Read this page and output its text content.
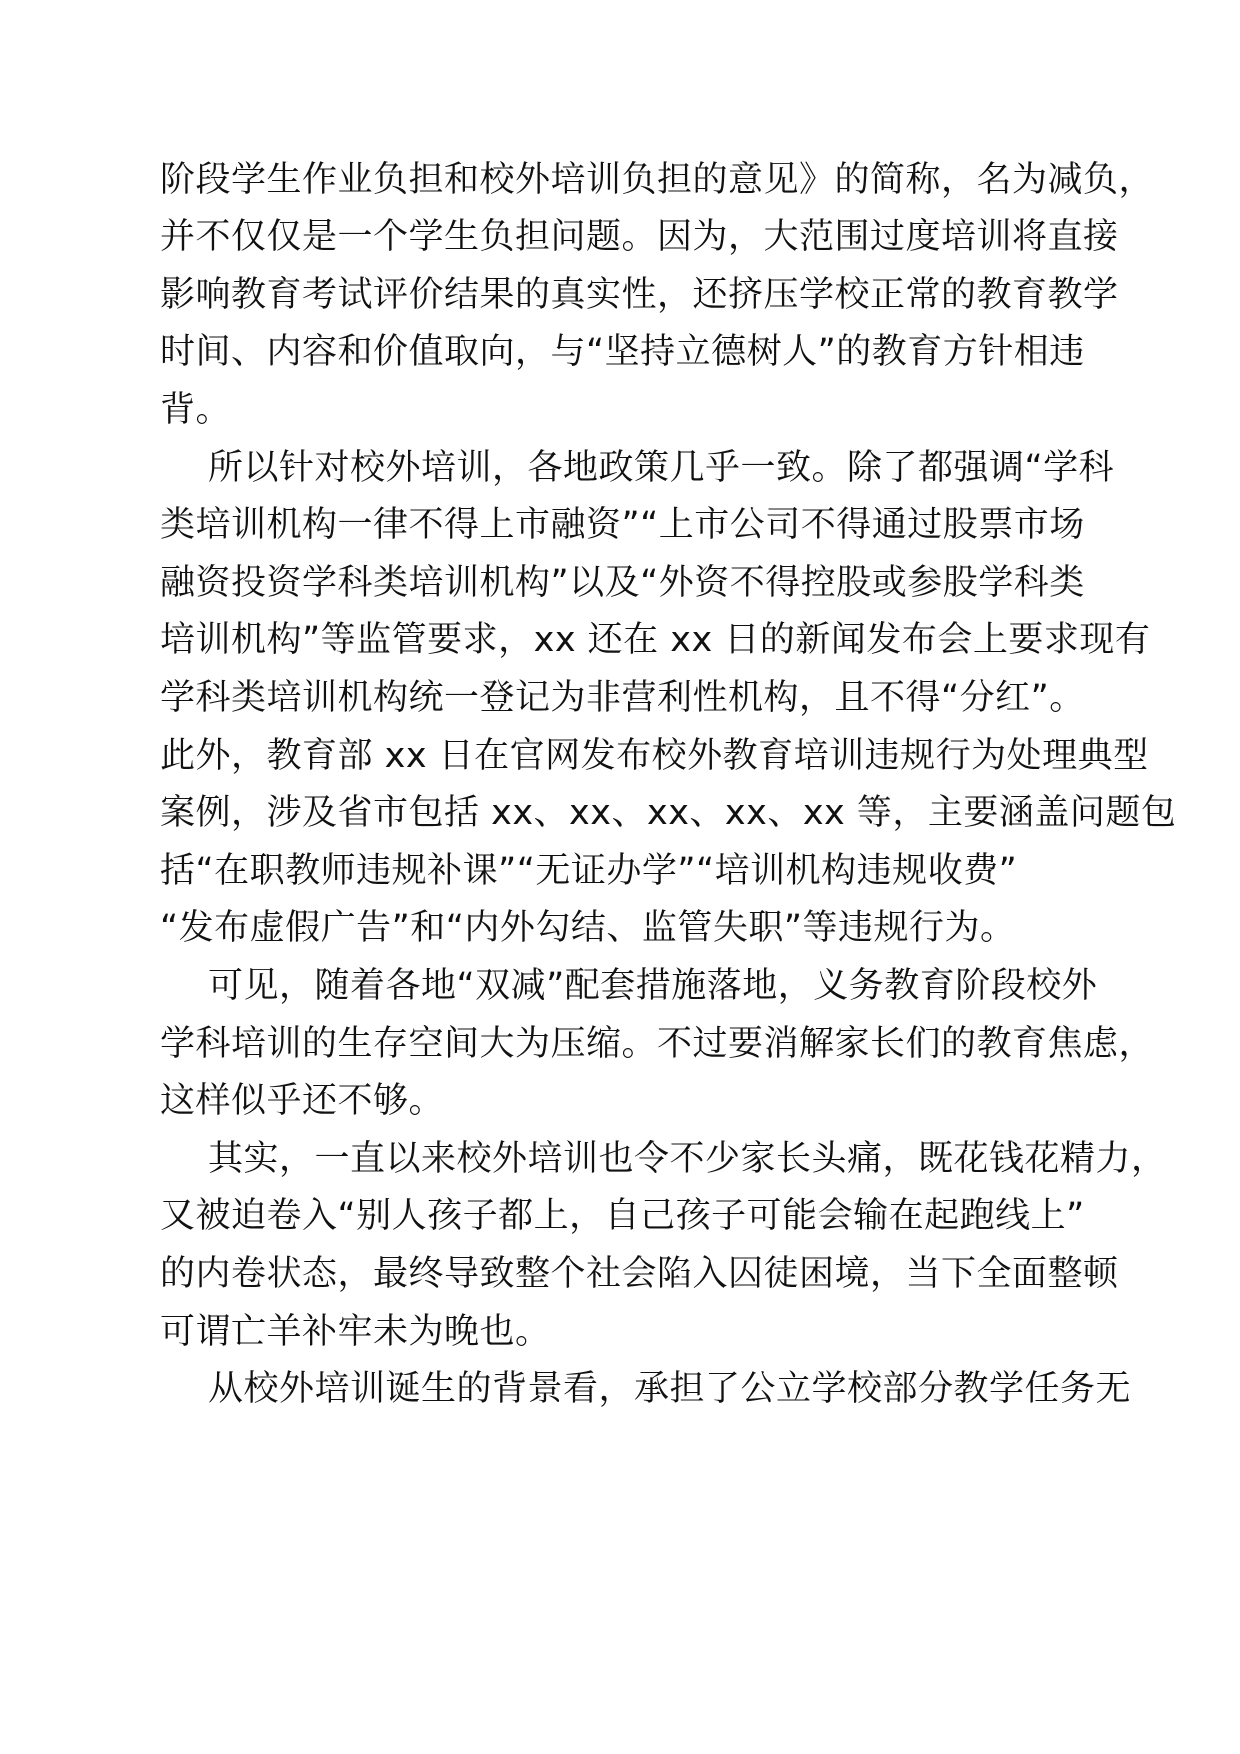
阶段学生作业负担和校外培训负担的意见》的简称，名为减负，

并不仅仅是一个学生负担问题。因为，大范围过度培训将直接

影响教育考试评价结果的真实性，还挤压学校正常的教育教学

时间、内容和价值取向，与“坚持立德树人”的教育方针相违

背。

所以针对校外培训，各地政策几乎一致。除了都强调“学科

类培训机构一律不得上市融资”“上市公司不得通过股票市场

融资投资学科类培训机构”以及“外资不得控股或参股学科类

培训机构”等监管要求，xx 还在 xx 日的新闻发布会上要求现有

学科类培训机构统一登记为非营利性机构，且不得“分红”。

此外，教育部 xx 日在官网发布校外教育培训违规行为处理典型

案例，涉及省市包括 xx、xx、xx、xx、xx 等，主要涵盖问题包

括“在职教师违规补课”“无证办学”“培训机构违规收费”

“发布虚假广告”和“内外勾结、监管失职”等违规行为。

可见，随着各地“双减”配套措施落地，义务教育阶段校外

学科培训的生存空间大为压缩。不过要消解家长们的教育焦虑，

这样似乎还不够。

其实，一直以来校外培训也令不少家长头痛，既花钱花精力，

又被迫卷入“别人孩子都上，自己孩子可能会输在起跑线上”

的内卷状态，最终导致整个社会陷入囚徒困境，当下全面整顿

可谓亡羊补牢未为晚也。

从校外培训诞生的背景看，承担了公立学校部分教学任务无
